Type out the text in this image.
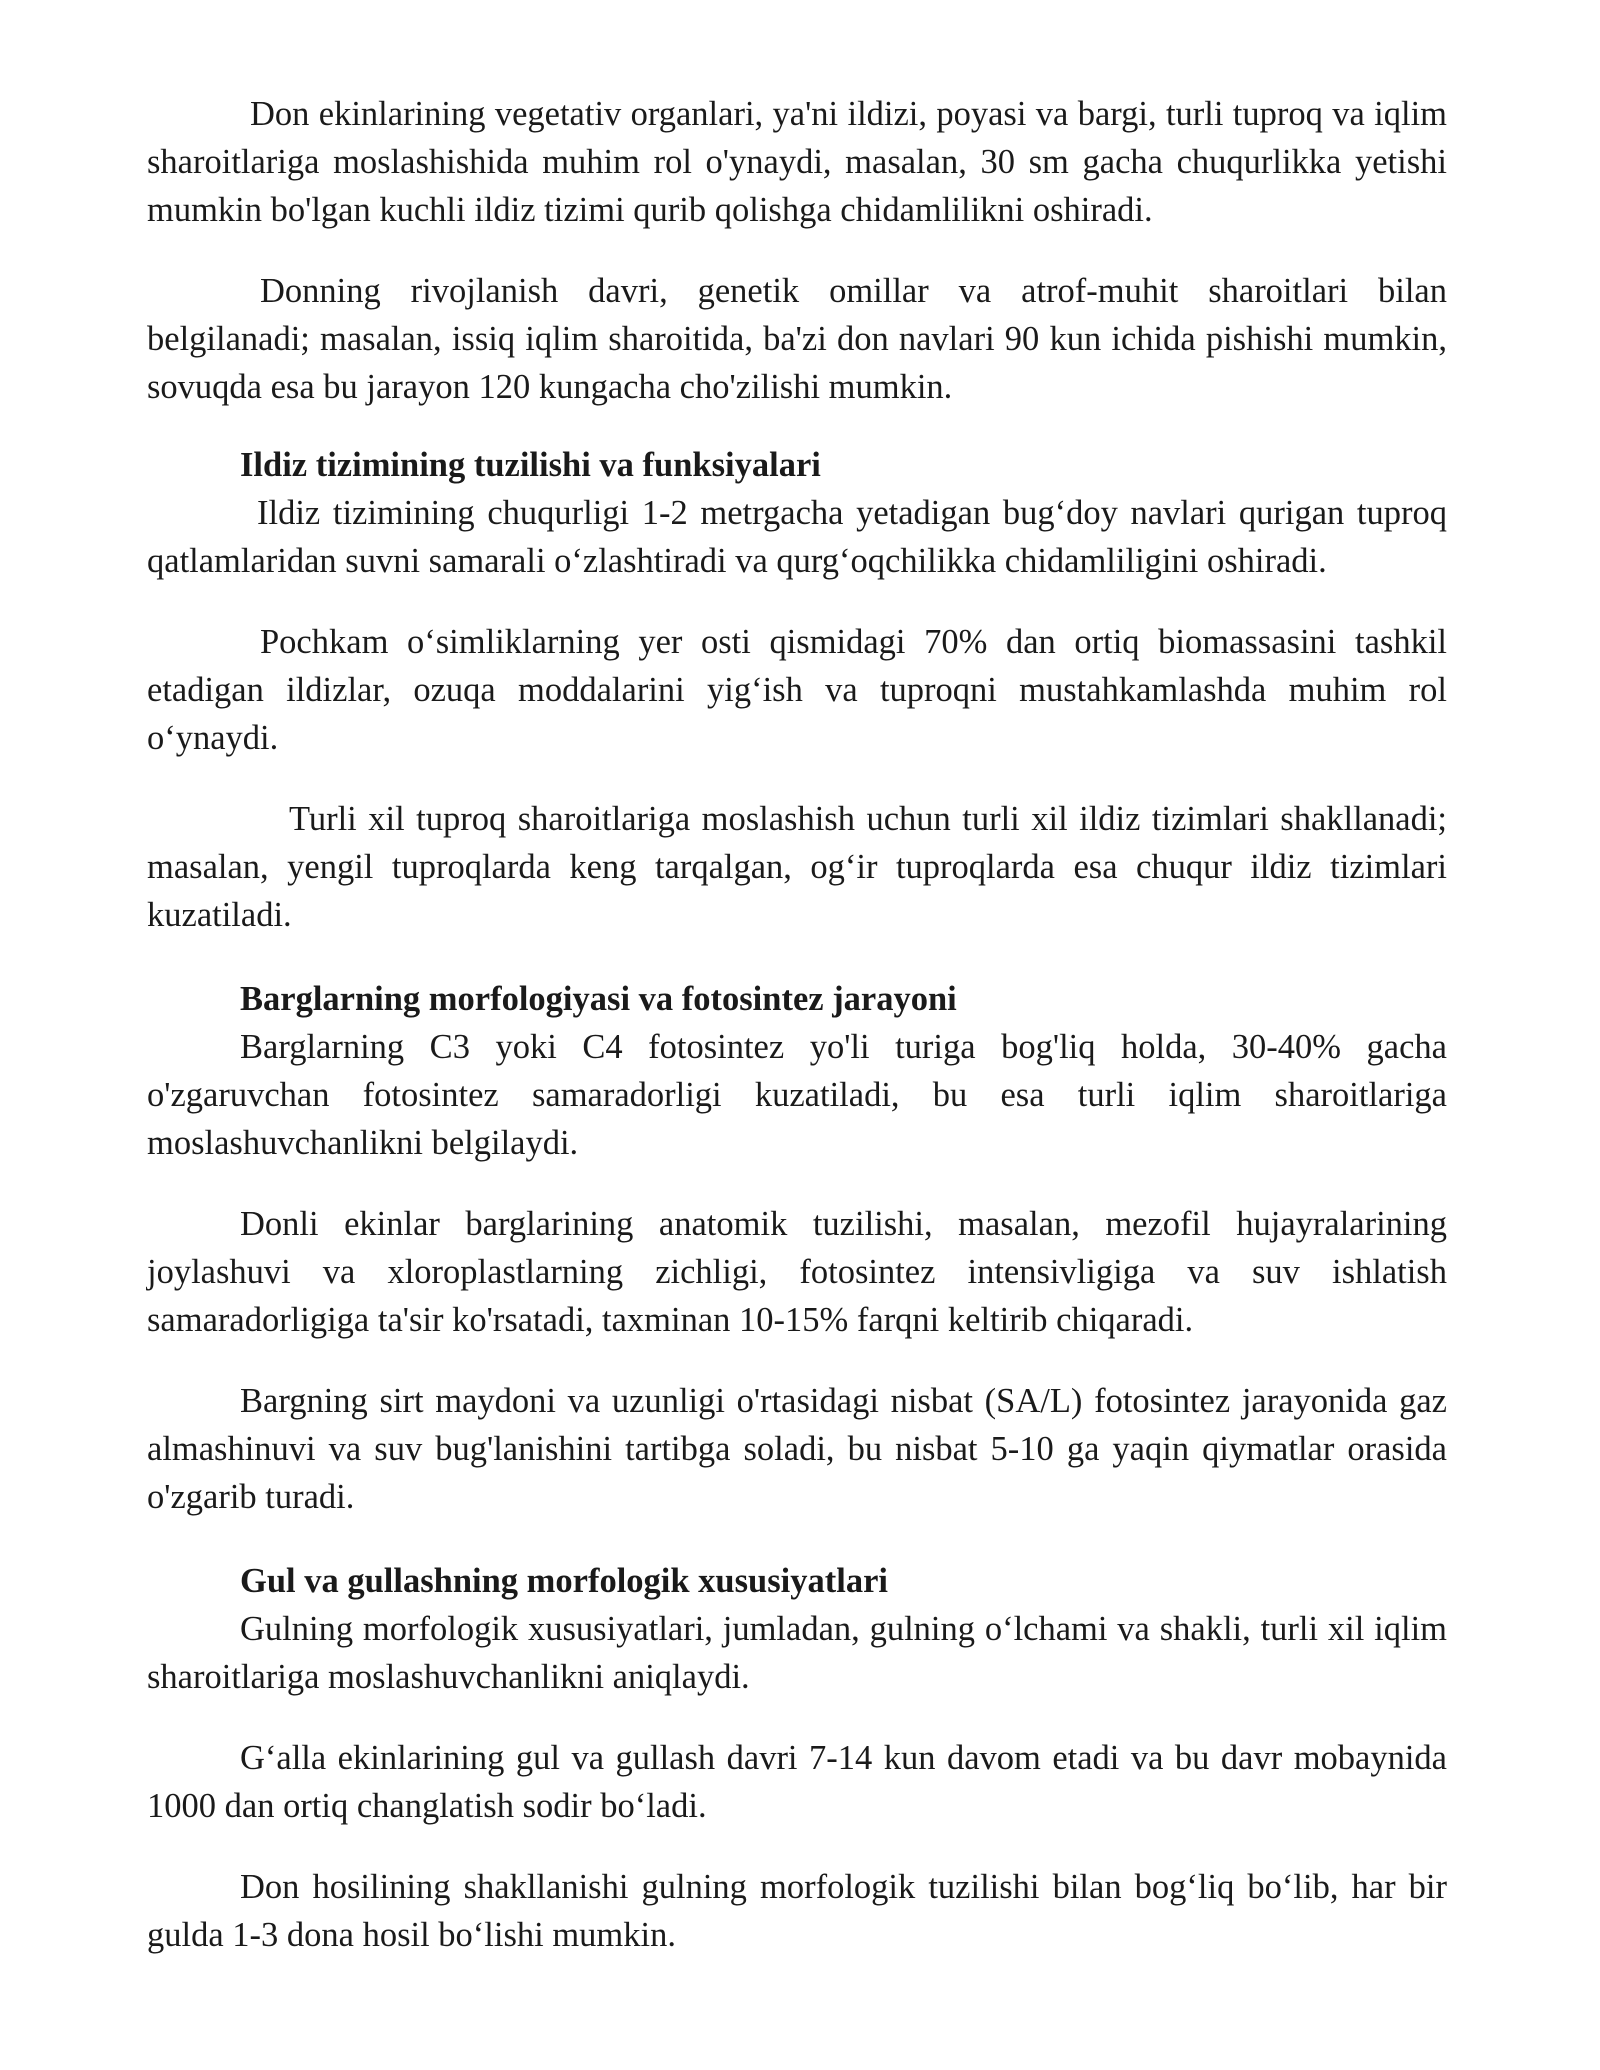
Don ekinlarining vegetativ organlari, ya'ni ildizi, poyasi va bargi, turli tuproq va iqlim sharoitlariga moslashishida muhim rol o'ynaydi, masalan, 30 sm gacha chuqurlikka yetishi mumkin bo'lgan kuchli ildiz tizimi qurib qolishga chidamlilikni oshiradi.

Donning rivojlanish davri, genetik omillar va atrof-muhit sharoitlari bilan belgilanadi; masalan, issiq iqlim sharoitida, ba'zi don navlari 90 kun ichida pishishi mumkin, sovuqda esa bu jarayon 120 kungacha cho'zilishi mumkin.

Ildiz tizimining tuzilishi va funksiyalari

Ildiz tizimining chuqurligi 1-2 metrgacha yetadigan bug‘doy navlari qurigan tuproq qatlamlaridan suvni samarali o‘zlashtiradi va qurg‘oqchilikka chidamliligini oshiradi.

Pochkam o‘simliklarning yer osti qismidagi 70% dan ortiq biomassasini tashkil etadigan ildizlar, ozuqa moddalarini yig‘ish va tuproqni mustahkamlashda muhim rol o‘ynaydi.

Turli xil tuproq sharoitlariga moslashish uchun turli xil ildiz tizimlari shakllanadi; masalan, yengil tuproqlarda keng tarqalgan, og‘ir tuproqlarda esa chuqur ildiz tizimlari kuzatiladi.

Barglarning morfologiyasi va fotosintez jarayoni

Barglarning C3 yoki C4 fotosintez yo'li turiga bog'liq holda, 30-40% gacha o'zgaruvchan fotosintez samaradorligi kuzatiladi, bu esa turli iqlim sharoitlariga moslashuvchanlikni belgilaydi.

Donli ekinlar barglarining anatomik tuzilishi, masalan, mezofil hujayralarining joylashuvi va xloroplastlarning zichligi, fotosintez intensivligiga va suv ishlatish samaradorligiga ta'sir ko'rsatadi, taxminan 10-15% farqni keltirib chiqaradi.

Bargning sirt maydoni va uzunligi o'rtasidagi nisbat (SA/L) fotosintez jarayonida gaz almashinuvi va suv bug'lanishini tartibga soladi, bu nisbat 5-10 ga yaqin qiymatlar orasida o'zgarib turadi.

Gul va gullashning morfologik xususiyatlari

Gulning morfologik xususiyatlari, jumladan, gulning o‘lchami va shakli, turli xil iqlim sharoitlariga moslashuvchanlikni aniqlaydi.

G‘alla ekinlarining gul va gullash davri 7-14 kun davom etadi va bu davr mobaynida 1000 dan ortiq changlatish sodir bo‘ladi.

Don hosilining shakllanishi gulning morfologik tuzilishi bilan bog‘liq bo‘lib, har bir gulda 1-3 dona hosil bo‘lishi mumkin.
